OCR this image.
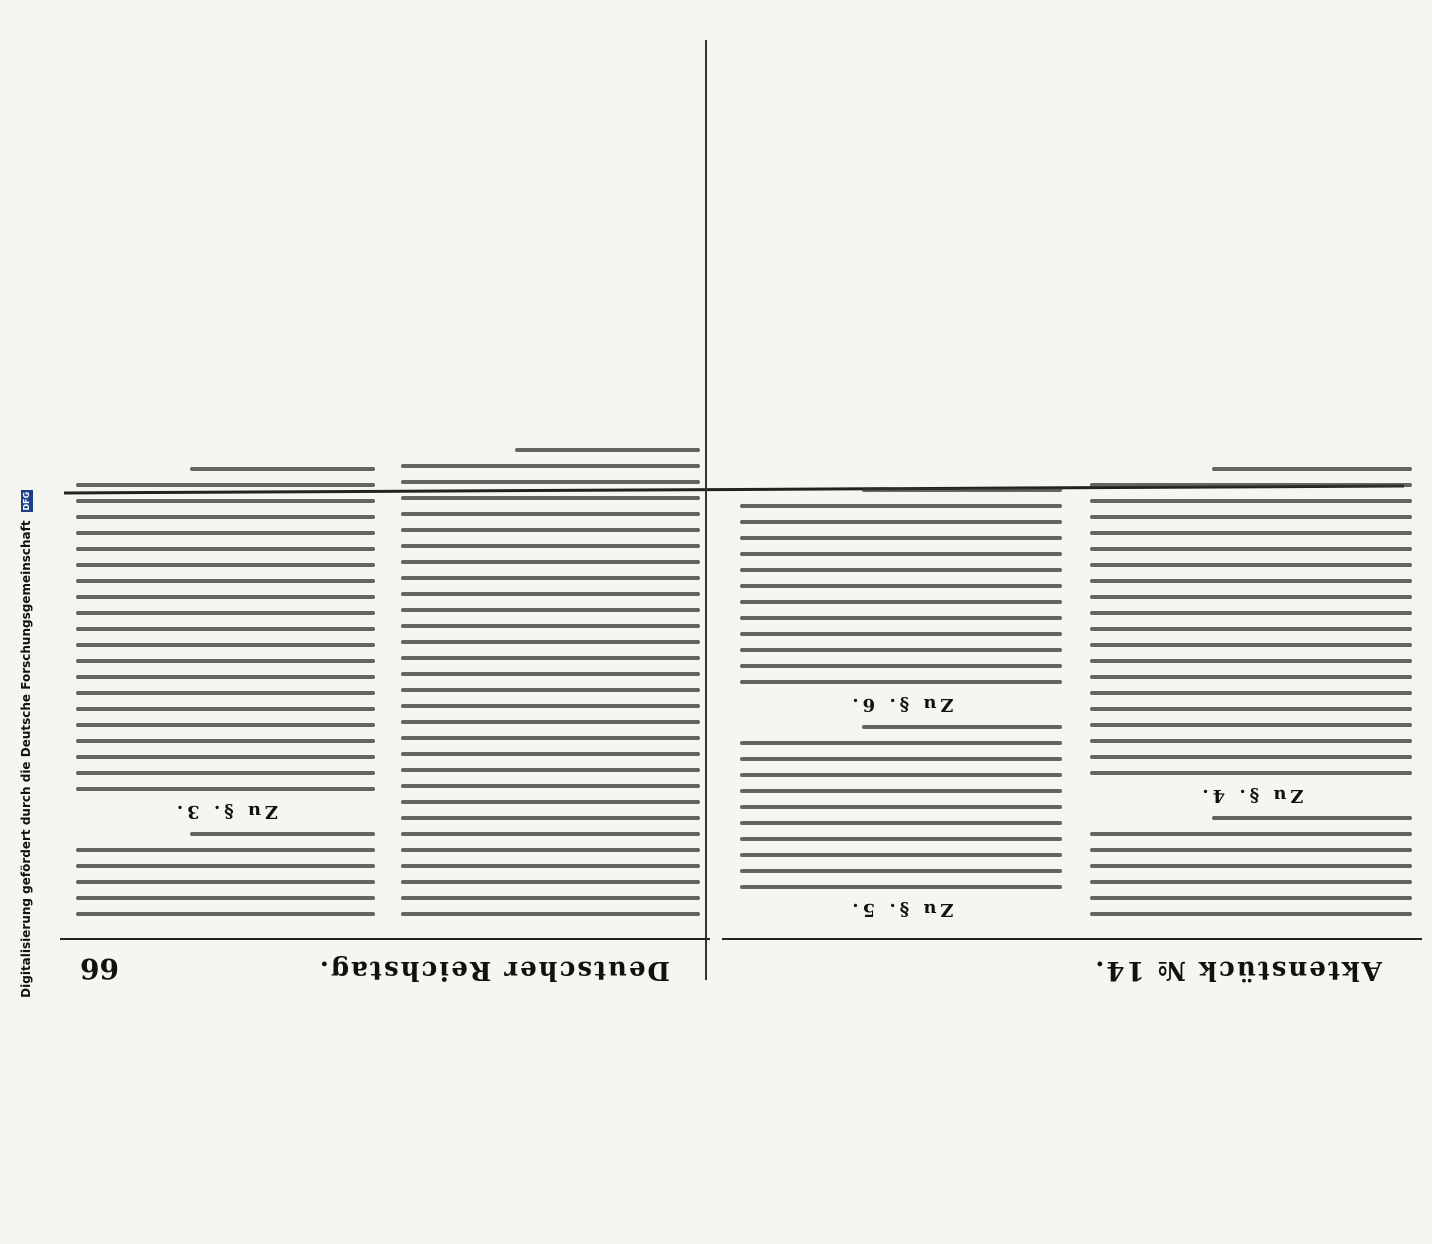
Digitalisierung gefördert durch die Deutsche Forschungsgemeinschaft DFG
66	Deutscher Reichstag.
Zu §. 3.
Aktenstück № 14.
Zu §. 4.
Zu §. 5.
Zu §. 6.
